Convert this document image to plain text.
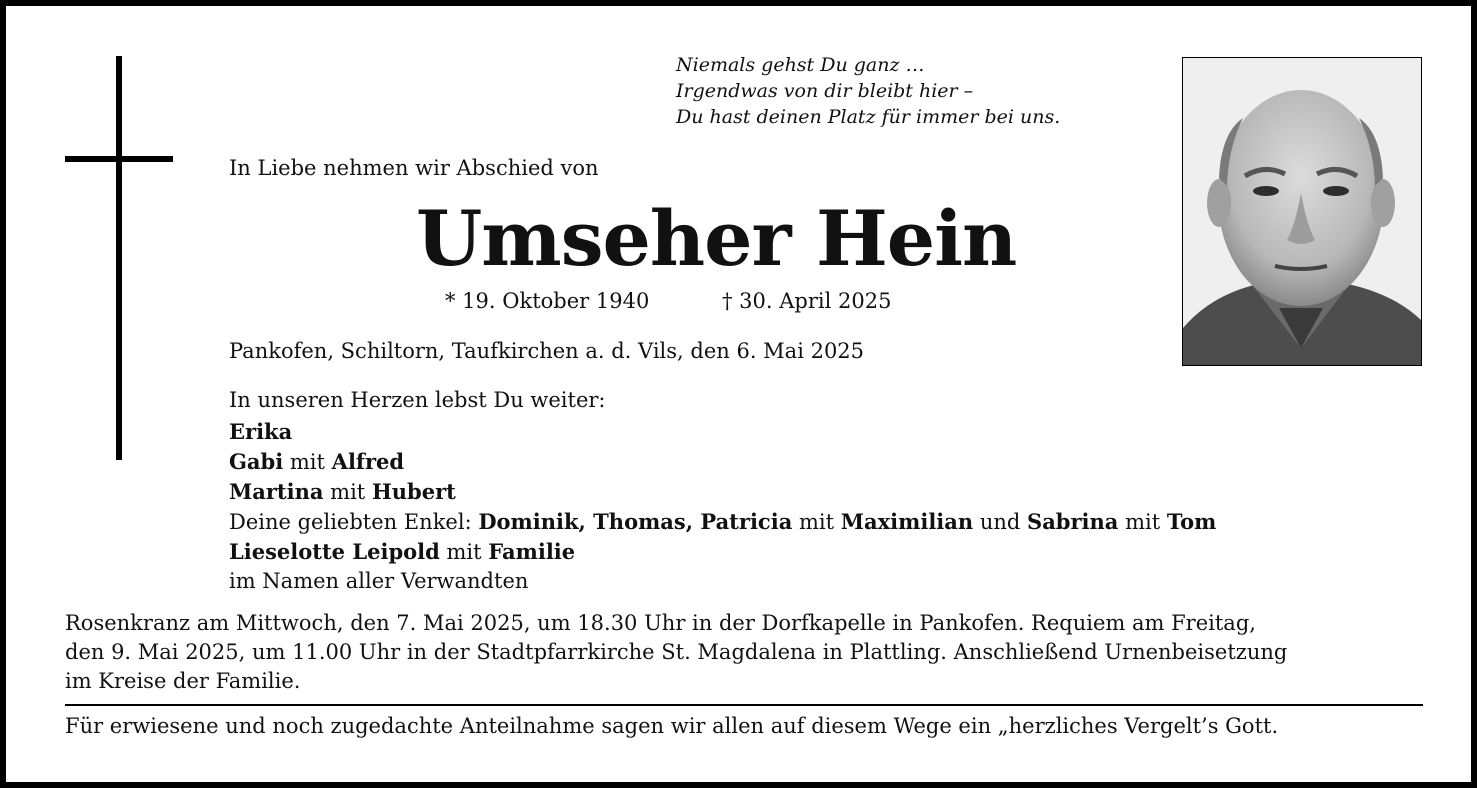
Niemals gehst Du ganz …
Irgendwas von dir bleibt hier –
Du hast deinen Platz für immer bei uns.
In Liebe nehmen wir Abschied von
Umseher Hein
* 19. Oktober 1940	† 30. April 2025
Pankofen, Schiltorn, Taufkirchen a. d. Vils, den 6. Mai 2025
In unseren Herzen lebst Du weiter:
Erika
Gabi mit Alfred
Martina mit Hubert
Deine geliebten Enkel: Dominik, Thomas, Patricia mit Maximilian und Sabrina mit Tom
Lieselotte Leipold mit Familie
im Namen aller Verwandten
Rosenkranz am Mittwoch, den 7. Mai 2025, um 18.30 Uhr in der Dorfkapelle in Pankofen. Requiem am Freitag,
den 9. Mai 2025, um 11.00 Uhr in der Stadtpfarrkirche St. Magdalena in Plattling. Anschließend Urnenbeisetzung
im Kreise der Familie.
Für erwiesene und noch zugedachte Anteilnahme sagen wir allen auf diesem Wege ein „herzliches Vergelt’s Gott.
